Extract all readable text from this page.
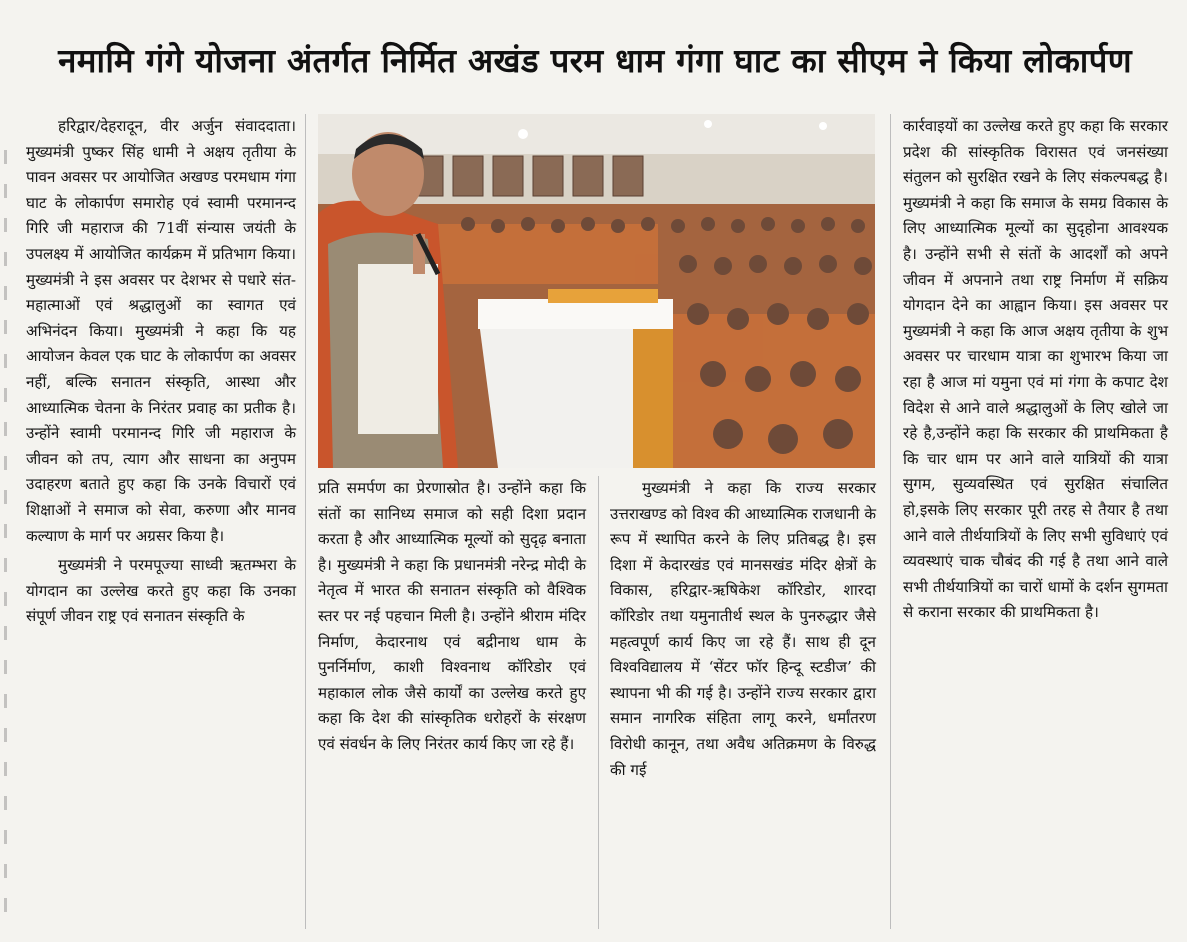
नमामि गंगे योजना अंतर्गत निर्मित अखंड परम धाम गंगा घाट का सीएम ने किया लोकार्पण

हरिद्वार/देहरादून, वीर अर्जुन संवाददाता। मुख्यमंत्री पुष्कर सिंह धामी ने अक्षय तृतीया के पावन अवसर पर आयोजित अखण्ड परमधाम गंगा घाट के लोकार्पण समारोह एवं स्वामी परमानन्द गिरि जी महाराज की 71वीं संन्यास जयंती के उपलक्ष्य में आयोजित कार्यक्रम में प्रतिभाग किया। मुख्यमंत्री ने इस अवसर पर देशभर से पधारे संत-महात्माओं एवं श्रद्धालुओं का स्वागत एवं अभिनंदन किया। मुख्यमंत्री ने कहा कि यह आयोजन केवल एक घाट के लोकार्पण का अवसर नहीं, बल्कि सनातन संस्कृति, आस्था और आध्यात्मिक चेतना के निरंतर प्रवाह का प्रतीक है। उन्होंने स्वामी परमानन्द गिरि जी महाराज के जीवन को तप, त्याग और साधना का अनुपम उदाहरण बताते हुए कहा कि उनके विचारों एवं शिक्षाओं ने समाज को सेवा, करुणा और मानव कल्याण के मार्ग पर अग्रसर किया है।

मुख्यमंत्री ने परमपूज्या साध्वी ऋतम्भरा के योगदान का उल्लेख करते हुए कहा कि उनका संपूर्ण जीवन राष्ट्र एवं सनातन संस्कृति के

प्रति समर्पण का प्रेरणास्रोत है। उन्होंने कहा कि संतों का सानिध्य समाज को सही दिशा प्रदान करता है और आध्यात्मिक मूल्यों को सुदृढ़ बनाता है। मुख्यमंत्री ने कहा कि प्रधानमंत्री नरेन्द्र मोदी के नेतृत्व में भारत की सनातन संस्कृति को वैश्विक स्तर पर नई पहचान मिली है। उन्होंने श्रीराम मंदिर निर्माण, केदारनाथ एवं बद्रीनाथ धाम के पुनर्निर्माण, काशी विश्वनाथ कॉरिडोर एवं महाकाल लोक जैसे कार्यों का उल्लेख करते हुए कहा कि देश की सांस्कृतिक धरोहरों के संरक्षण एवं संवर्धन के लिए निरंतर कार्य किए जा रहे हैं।

मुख्यमंत्री ने कहा कि राज्य सरकार उत्तराखण्ड को विश्व की आध्यात्मिक राजधानी के रूप में स्थापित करने के लिए प्रतिबद्ध है। इस दिशा में केदारखंड एवं मानसखंड मंदिर क्षेत्रों के विकास, हरिद्वार-ऋषिकेश कॉरिडोर, शारदा कॉरिडोर तथा यमुनातीर्थ स्थल के पुनरुद्धार जैसे महत्वपूर्ण कार्य किए जा रहे हैं। साथ ही दून विश्वविद्यालय में ‘सेंटर फॉर हिन्दू स्टडीज’ की स्थापना भी की गई है। उन्होंने राज्य सरकार द्वारा समान नागरिक संहिता लागू करने, धर्मांतरण विरोधी कानून, तथा अवैध अतिक्रमण के विरुद्ध की गई

कार्रवाइयों का उल्लेख करते हुए कहा कि सरकार प्रदेश की सांस्कृतिक विरासत एवं जनसंख्या संतुलन को सुरक्षित रखने के लिए संकल्पबद्ध है। मुख्यमंत्री ने कहा कि समाज के समग्र विकास के लिए आध्यात्मिक मूल्यों का सुदृहोना आवश्यक है। उन्होंने सभी से संतों के आदर्शों को अपने जीवन में अपनाने तथा राष्ट्र निर्माण में सक्रिय योगदान देने का आह्वान किया। इस अवसर पर मुख्यमंत्री ने कहा कि आज अक्षय तृतीया के शुभ अवसर पर चारधाम यात्रा का शुभारभ किया जा रहा है आज मां यमुना एवं मां गंगा के कपाट देश विदेश से आने वाले श्रद्धालुओं के लिए खोले जा रहे है,उन्होंने कहा कि सरकार की प्राथमिकता है कि चार धाम पर आने वाले यात्रियों की यात्रा सुगम, सुव्यवस्थित एवं सुरक्षित संचालित हो,इसके लिए सरकार पूरी तरह से तैयार है तथा आने वाले तीर्थयात्रियों के लिए सभी सुविधाएं एवं व्यवस्थाएं चाक चौबंद की गई है तथा आने वाले सभी तीर्थयात्रियों का चारों धामों के दर्शन सुगमता से कराना सरकार की प्राथमिकता है।
